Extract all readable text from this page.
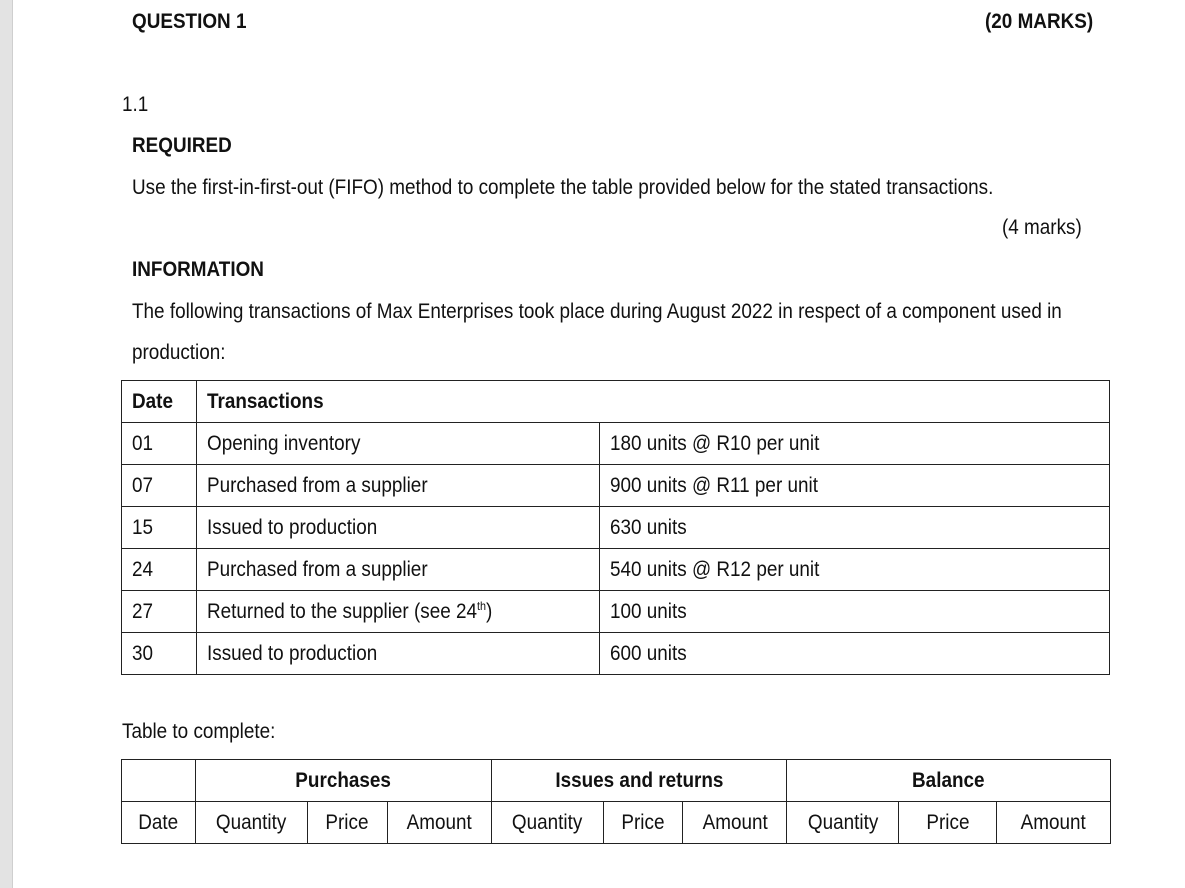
QUESTION 1	(20 MARKS)
1.1
REQUIRED
Use the first-in-first-out (FIFO) method to complete the table provided below for the stated transactions.
(4 marks)
INFORMATION
The following transactions of Max Enterprises took place during August 2022 in respect of a component used in
production:
Date	Transactions	
01	Opening inventory	180 units @ R10 per unit
07	Purchased from a supplier	900 units @ R11 per unit
15	Issued to production	630 units
24	Purchased from a supplier	540 units @ R12 per unit
27	Returned to the supplier (see 24th)	100 units
30	Issued to production	600 units
Table to complete:
	Purchases			Issues and returns			Balance		
Date	Quantity	Price	Amount	Quantity	Price	Amount	Quantity	Price	Amount
